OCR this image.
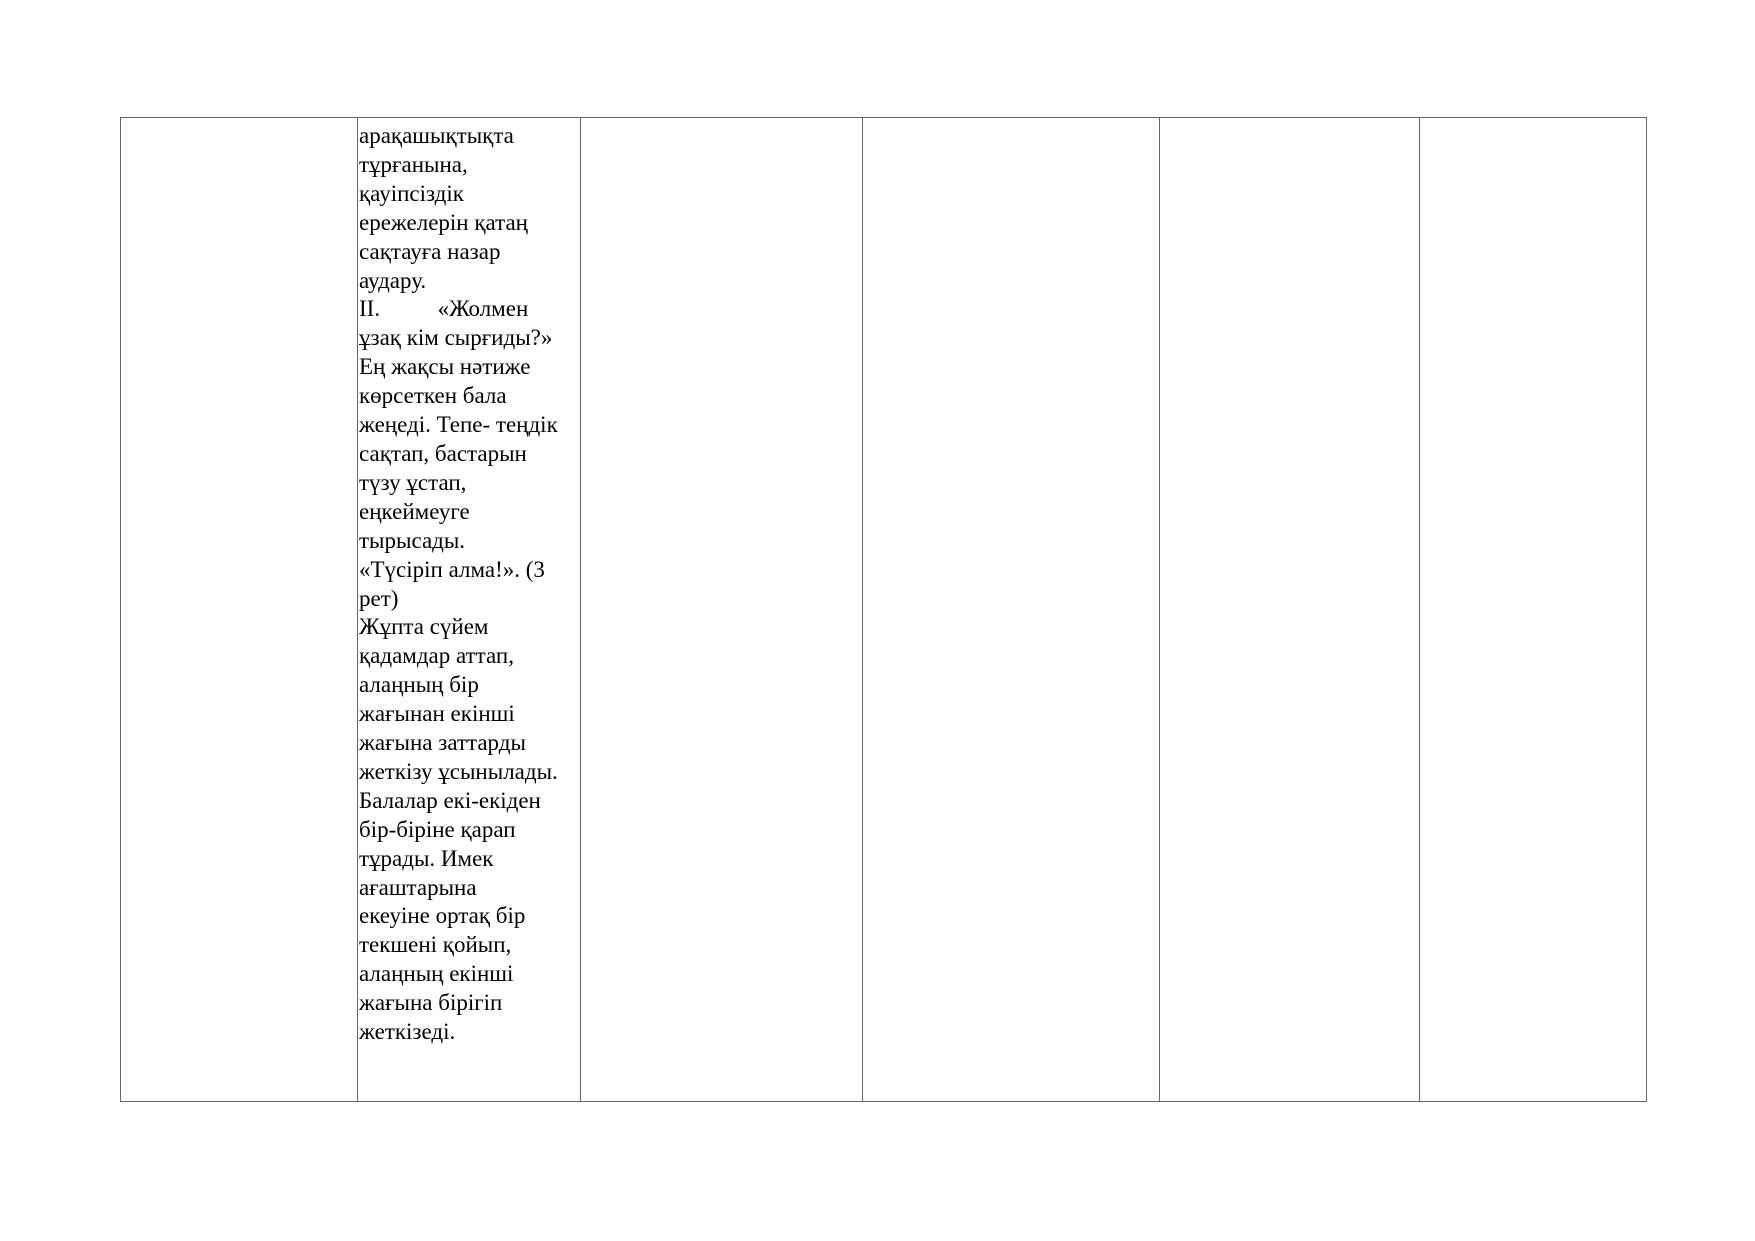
арақашықтықта
тұрғанына,
қауіпсіздік
ережелерін қатаң
сақтауға назар
аудару.
ІІ.          «Жолмен
ұзақ кім сырғиды?»
Ең жақсы нәтиже
көрсеткен бала
жеңеді. Тепе- теңдік
сақтап, бастарын
түзу ұстап,
еңкеймеуге
тырысады.
«Түсіріп алма!». (3
рет)
Жұпта сүйем
қадамдар аттап,
алаңның бір
жағынан екінші
жағына заттарды
жеткізу ұсынылады.
Балалар екі-екіден
бір-біріне қарап
тұрады. Имек
ағаштарына
екеуіне ортақ бір
текшені қойып,
алаңның екінші
жағына бірігіп
жеткізеді.
